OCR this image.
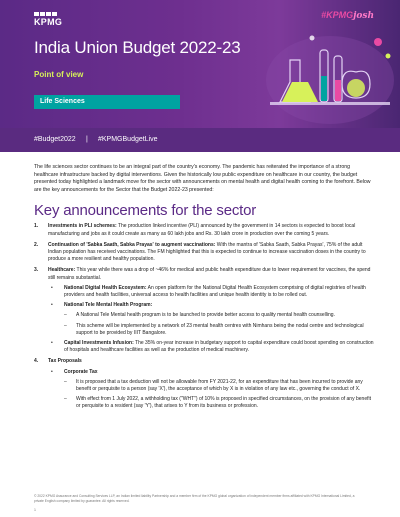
KPMG
#KPMGjosh
India Union Budget 2022-23
Point of view
Life Sciences
#Budget2022 | #KPMGBudgetLive

The life sciences sector continues to be an integral part of the country's economy. The pandemic has reiterated the importance of a strong healthcare infrastructure backed by digital interventions. Given the historically low public expenditure on healthcare in our country, the budget presented today highlighted a landmark move for the sector with announcements on mental health and digital health coming to the forefront. Below are the key announcements for the Sector that the Budget 2022-23 presented:

Key announcements for the sector
1. Investments in PLI schemes: The production linked incentive (PLI) announced by the government in 14 sectors is expected to boost local manufacturing and jobs as it could create as many as 60 lakh jobs and Rs. 30 lakh crore in production over the coming 5 years.
2. Continuation of 'Sabka Saath, Sabka Prayas' to augment vaccinations: With the mantra of 'Sabka Saath, Sabka Prayas', 75% of the adult Indian population has received vaccinations. The FM highlighted that this is expected to continue to increase vaccination doses in the country to produce a more resilient and healthy population.
3. Healthcare: This year while there was a drop of ~46% for medical and public health expenditure due to lower requirement for vaccines, the spend still remains substantial.
• National Digital Health Ecosystem: An open platform for the National Digital Health Ecosystem comprising of digital registries of health providers and health facilities, universal access to health facilities and unique health identity is to be rolled out.
• National Tele Mental Health Program:
– A National Tele Mental health program is to be launched to provide better access to quality mental health counselling.
– This scheme will be implemented by a network of 23 mental health centres with Nimhans being the nodal centre and technological support to be provided by IIIT Bangalore.
• Capital Investments Infusion: The 35% on-year increase in budgetary support to capital expenditure could boost spending on construction of hospitals and healthcare facilities as well as the production of medical machinery.
4. Tax Proposals
• Corporate Tax
– It is proposed that a tax deduction will not be allowable from FY 2021-22, for an expenditure that has been incurred to provide any benefit or perquisite to a person (say 'X'), the acceptance of which by X is in violation of any law etc., governing the conduct of X.
– With effect from 1 July 2022, a withholding tax ("WHT") of 10% is proposed in specified circumstances, on the provision of any benefit or perquisite to a resident (say 'Y'), that arises to Y from its business or profession.
© 2022 KPMG Assurance and Consulting Services LLP, an Indian limited liability Partnership and a member firm of the KPMG global organization of independent member firms affiliated with KPMG International Limited, a private English company limited by guarantee. All rights reserved.
1
